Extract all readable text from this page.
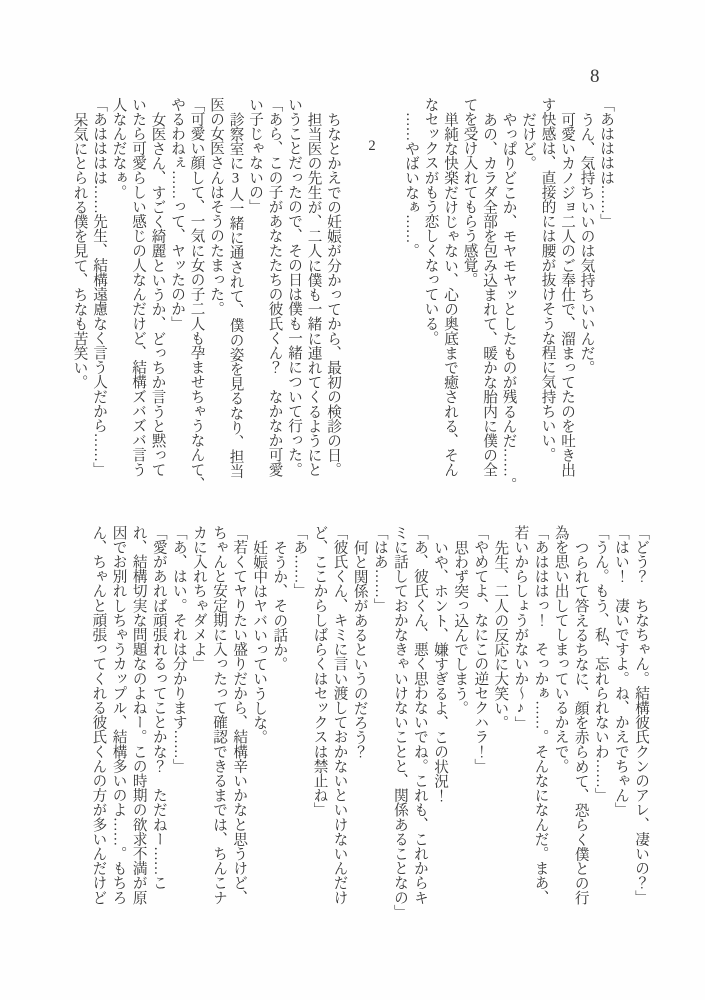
8

「あはははは……」

うん、気持ちいいのは気持ちいいんだ。

可愛いカノジョ二人のご奉仕で、溜まってたのを吐き出

す快感は、直接的には腰が抜けそうな程に気持ちいい。

だけど。

やっぱりどこか、モヤモヤッとしたものが残るんだ……。

あの、カラダ全部を包み込まれて、暖かな胎内に僕の全

てを受け入れてもらう感覚。

単純な快楽だけじゃない、心の奥底まで癒される、そん

なセックスがもう恋しくなっている。

……やばいなぁ……。

2

ちなとかえでの妊娠が分かってから、最初の検診の日。

担当医の先生が、二人に僕も一緒に連れてくるようにと

いうことだったので、その日は僕も一緒について行った。

「あら、この子があなたたちの彼氏くん？　なかなか可愛

い子じゃないの」

診察室に3人一緒に通されて、僕の姿を見るなり、担当

医の女医さんはそうのたまった。

「可愛い顔して、一気に女の子二人も孕ませちゃうなんて、

やるわねぇ……って、ヤッたのか」

女医さん、すごく綺麗というか、どっちか言うと黙って

いたら可愛らしい感じの人なんだけど、結構ズバズバ言う

人なんだなぁ。

「あはははは……先生、結構遠慮なく言う人だから……」

呆気にとられる僕を見て、ちなも苦笑い。

「どう？　ちなちゃん。結構彼氏クンのアレ、凄いの？」

「はい！　凄いですよ。ね、かえでちゃん」

「うん。もう、私、忘れられないわ……」

つられて答えるちなに、顔を赤らめて、恐らく僕との行

為を思い出してしまっているかえで。

「あはははっ！　そっかぁ……。そんなになんだ。まあ、

若いからしょうがないか〜♪」

先生、二人の反応に大笑い。

「やめてよ、なにこの逆セクハラ！」

思わず突っ込んでしまう。

いや、ホント、嫌すぎるよ、この状況！

「あ、彼氏くん、悪く思わないでね。これも、これからキ

ミに話しておかなきゃいけないことと、関係あることなの」

「はあ……」

何と関係があるというのだろう？

「彼氏くん、キミに言い渡しておかないといけないんだけ

ど、ここからしばらくはセックスは禁止ね」

「あ……」

そうか、その話か。

妊娠中はヤバいっていうしな。

「若くてヤりたい盛りだから、結構辛いかなと思うけど、

ちゃんと安定期に入ったって確認できるまでは、ちんこナ

カに入れちゃダメよ」

「あ、はい。それは分かります……」

「愛があれば頑張れるってことかな？　ただねー……こ

れ、結構切実な問題なのよねー。この時期の欲求不満が原

因でお別れしちゃうカップル、結構多いのよ……。もちろ

ん、ちゃんと頑張ってくれる彼氏くんの方が多いんだけど
